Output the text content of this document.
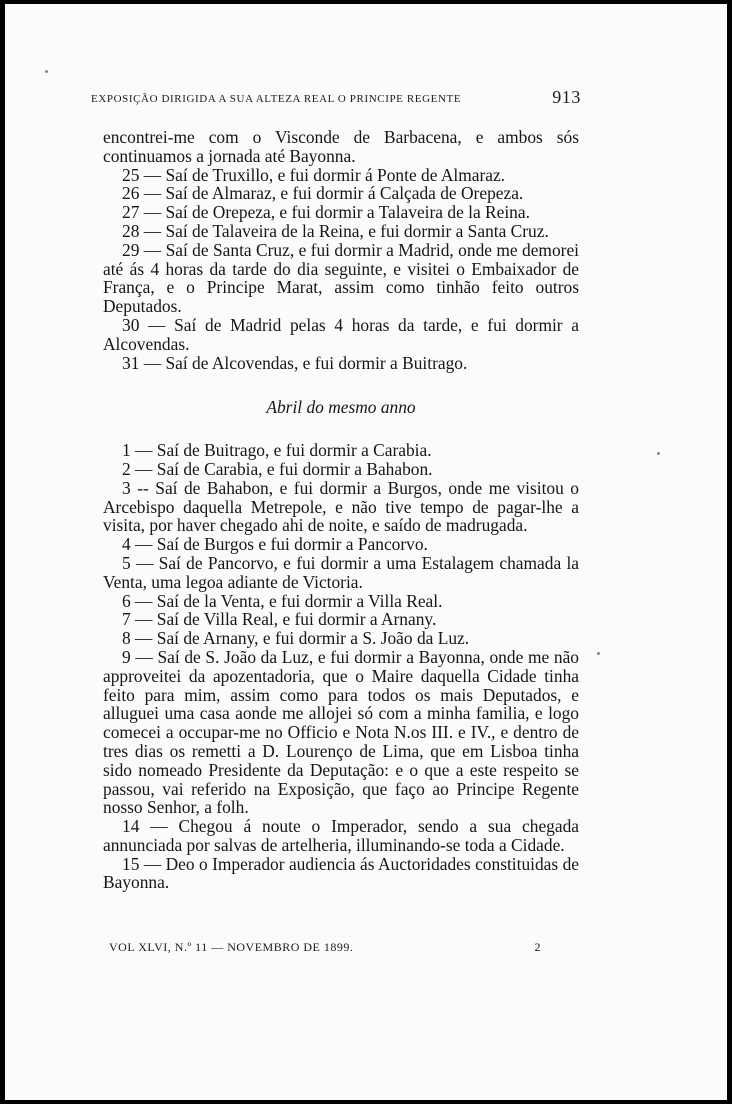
EXPOSIÇÃO DIRIGIDA A SUA ALTEZA REAL O PRINCIPE REGENTE	913

encontrei-me com o Visconde de Barbacena, e ambos sós continuamos a jornada até Bayonna.

25 — Saí de Truxillo, e fui dormir á Ponte de Almaraz.

26 — Saí de Almaraz, e fui dormir á Calçada de Orepeza.

27 — Saí de Orepeza, e fui dormir a Talaveira de la Reina.

28 — Saí de Talaveira de la Reina, e fui dormir a Santa Cruz.

29 — Saí de Santa Cruz, e fui dormir a Madrid, onde me demorei até ás 4 horas da tarde do dia seguinte, e visitei o Embaixador de França, e o Principe Marat, assim como tinhão feito outros Deputados.

30 — Saí de Madrid pelas 4 horas da tarde, e fui dormir a Alcovendas.

31 — Saí de Alcovendas, e fui dormir a Buitrago.

Abril do mesmo anno

1 — Saí de Buitrago, e fui dormir a Carabia.

2 — Saí de Carabia, e fui dormir a Bahabon.

3 -- Saí de Bahabon, e fui dormir a Burgos, onde me visitou o Arcebispo daquella Metrepole, e não tive tempo de pagar-lhe a visita, por haver chegado ahi de noite, e saído de madrugada.

4 — Saí de Burgos e fui dormir a Pancorvo.

5 — Saí de Pancorvo, e fui dormir a uma Estalagem chamada la Venta, uma legoa adiante de Victoria.

6 — Saí de la Venta, e fui dormir a Villa Real.

7 — Saí de Villa Real, e fui dormir a Arnany.

8 — Saí de Arnany, e fui dormir a S. João da Luz.

9 — Saí de S. João da Luz, e fui dormir a Bayonna, onde me não approveitei da apozentadoria, que o Maire daquella Cidade tinha feito para mim, assim como para todos os mais Deputados, e alluguei uma casa aonde me allojei só com a minha familia, e logo comecei a occupar-me no Officio e Nota N.os III. e IV., e dentro de tres dias os remetti a D. Lourenço de Lima, que em Lisboa tinha sido nomeado Presidente da Deputação: e o que a este respeito se passou, vai referido na Exposição, que faço ao Principe Regente nosso Senhor, a folh.

14 — Chegou á noute o Imperador, sendo a sua chegada annunciada por salvas de artelheria, illuminando-se toda a Cidade.

15 — Deo o Imperador audiencia ás Auctoridades constituidas de Bayonna.

VOL XLVI, N.º 11 — NOVEMBRO DE 1899.	2
